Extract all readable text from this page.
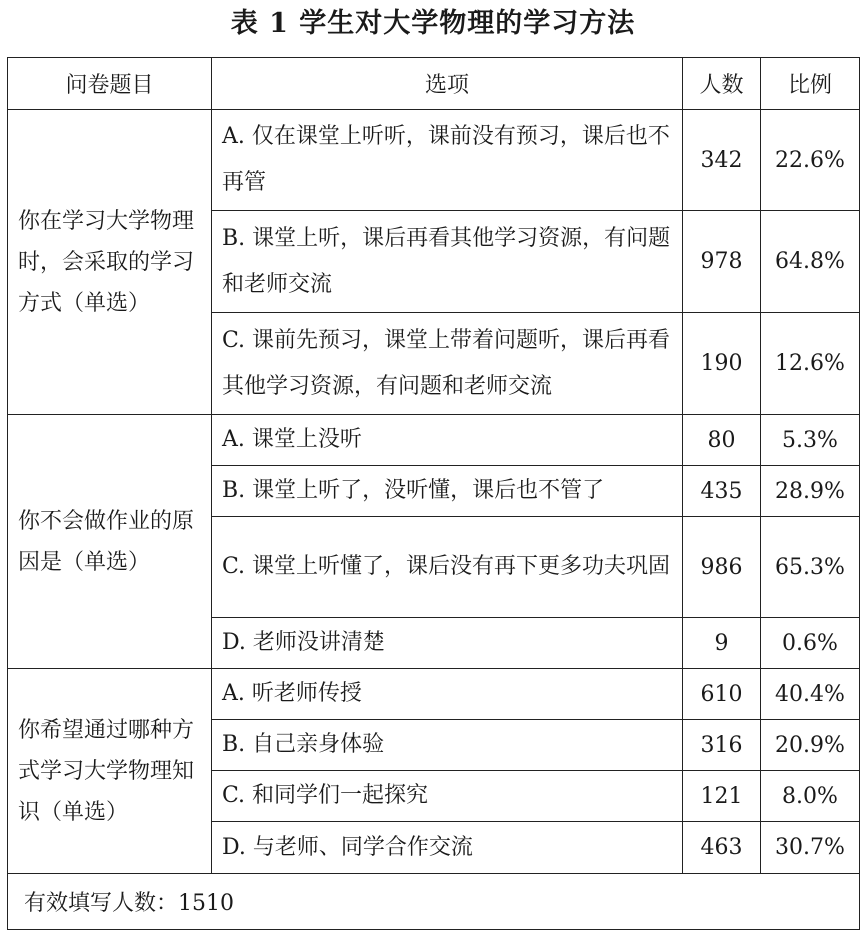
表 1 学生对大学物理的学习方法
问卷题目	选项	人数	比例
你在学习大学物理时，会采取的学习方式（单选）	A. 仅在课堂上听听，课前没有预习，课后也不再管	342	22.6%
	B. 课堂上听，课后再看其他学习资源，有问题和老师交流	978	64.8%
	C. 课前先预习，课堂上带着问题听，课后再看其他学习资源，有问题和老师交流	190	12.6%
你不会做作业的原因是（单选）	A. 课堂上没听	80	5.3%
	B. 课堂上听了，没听懂，课后也不管了	435	28.9%
	C. 课堂上听懂了，课后没有再下更多功夫巩固	986	65.3%
	D. 老师没讲清楚	9	0.6%
你希望通过哪种方式学习大学物理知识（单选）	A. 听老师传授	610	40.4%
	B. 自己亲身体验	316	20.9%
	C. 和同学们一起探究	121	8.0%
	D. 与老师、同学合作交流	463	30.7%
有效填写人数：1510			
